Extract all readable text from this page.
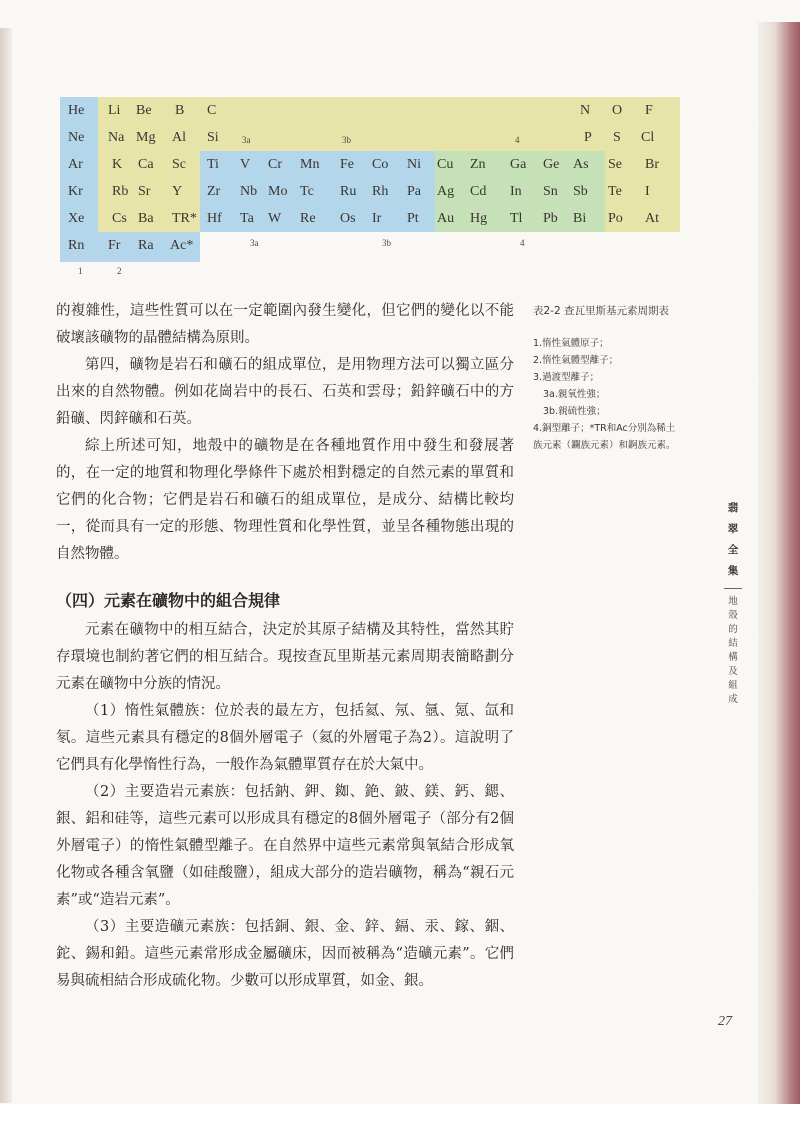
He Li Be B C	N O F
Ne Na Mg Al Si	3a	3b	4	P S Cl
Ar K Ca Sc Ti V Cr Mn Fe Co Ni Cu Zn Ga Ge As Se Br
Kr Rb Sr Y Zr Nb Mo Tc Ru Rh Pa Ag Cd In Sn Sb Te I
Xe Cs Ba TR* Hf Ta W Re Os Ir Pt Au Hg Tl Pb Bi Po At
Rn Fr Ra Ac*	3a	3b	4
1	2

的複雜性，這些性質可以在一定範圍內發生變化，但它們的變化以不能破壞該礦物的晶體結構為原則。

第四，礦物是岩石和礦石的組成單位，是用物理方法可以獨立區分出來的自然物體。例如花崗岩中的長石、石英和雲母；鉛鋅礦石中的方鉛礦、閃鋅礦和石英。

綜上所述可知，地殼中的礦物是在各種地質作用中發生和發展著的，在一定的地質和物理化學條件下處於相對穩定的自然元素的單質和它們的化合物；它們是岩石和礦石的組成單位，是成分、結構比較均一，從而具有一定的形態、物理性質和化學性質，並呈各種物態出現的自然物體。

（四）元素在礦物中的組合規律

元素在礦物中的相互結合，決定於其原子結構及其特性，當然其貯存環境也制約著它們的相互結合。現按查瓦里斯基元素周期表簡略劃分元素在礦物中分族的情況。

（1）惰性氣體族：位於表的最左方，包括氦、氖、氬、氪、氙和氡。這些元素具有穩定的8個外層電子（氦的外層電子為2）。這說明了它們具有化學惰性行為，一般作為氣體單質存在於大氣中。

（2）主要造岩元素族：包括鈉、鉀、銣、銫、鈹、鎂、鈣、鍶、銀、鋁和硅等，這些元素可以形成具有穩定的8個外層電子（部分有2個外層電子）的惰性氣體型離子。在自然界中這些元素常與氧結合形成氧化物或各種含氧鹽（如硅酸鹽），組成大部分的造岩礦物，稱為“親石元素”或“造岩元素”。

（3）主要造礦元素族：包括銅、銀、金、鋅、鎘、汞、鎵、銦、鉈、錫和鉛。這些元素常形成金屬礦床，因而被稱為“造礦元素”。它們易與硫相結合形成硫化物。少數可以形成單質，如金、銀。

表2-2 查瓦里斯基元素周期表
1.惰性氣體原子；
2.惰性氣體型離子；
3.過渡型離子；
3a.親氧性強；
3b.親硫性強；
4.銅型離子；*TR和Ac分別為稀土族元素（鑭族元素）和錒族元素。
翡
翠
全
集
地
殼
的
結
構
及
組
成
27
